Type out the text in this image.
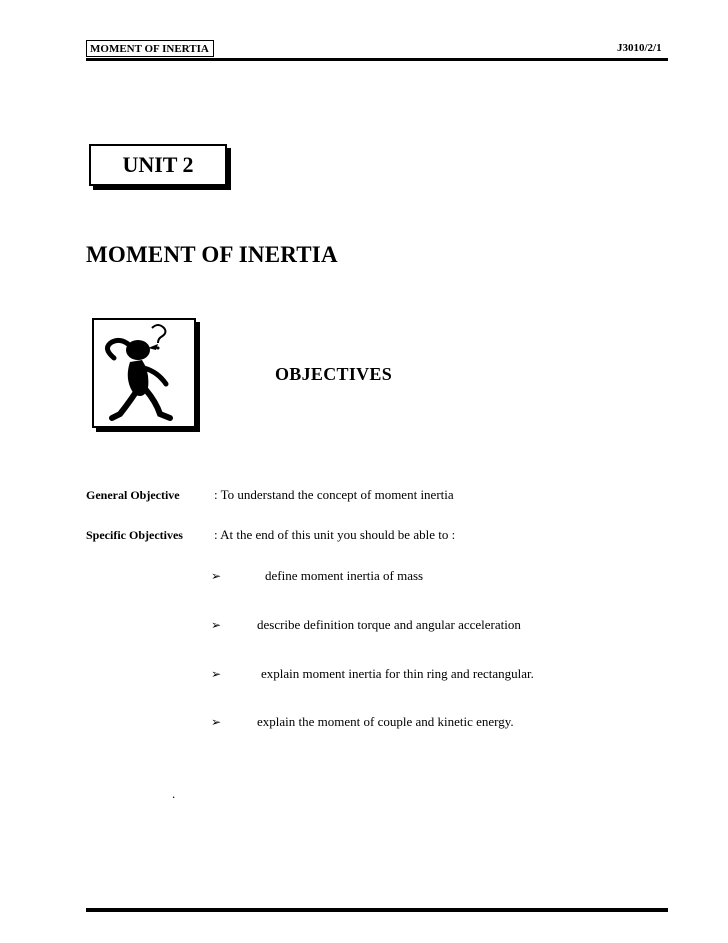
MOMENT OF INERTIA	J3010/2/1
UNIT 2
MOMENT OF INERTIA
OBJECTIVES
General Objective	: To understand the concept of moment inertia
Specific Objectives : At the end of this unit you should be able to :
➢	define moment inertia of mass
➢	describe definition torque and angular acceleration
➢	explain moment inertia for thin ring and rectangular.
➢	explain the moment of couple and kinetic energy.
.
